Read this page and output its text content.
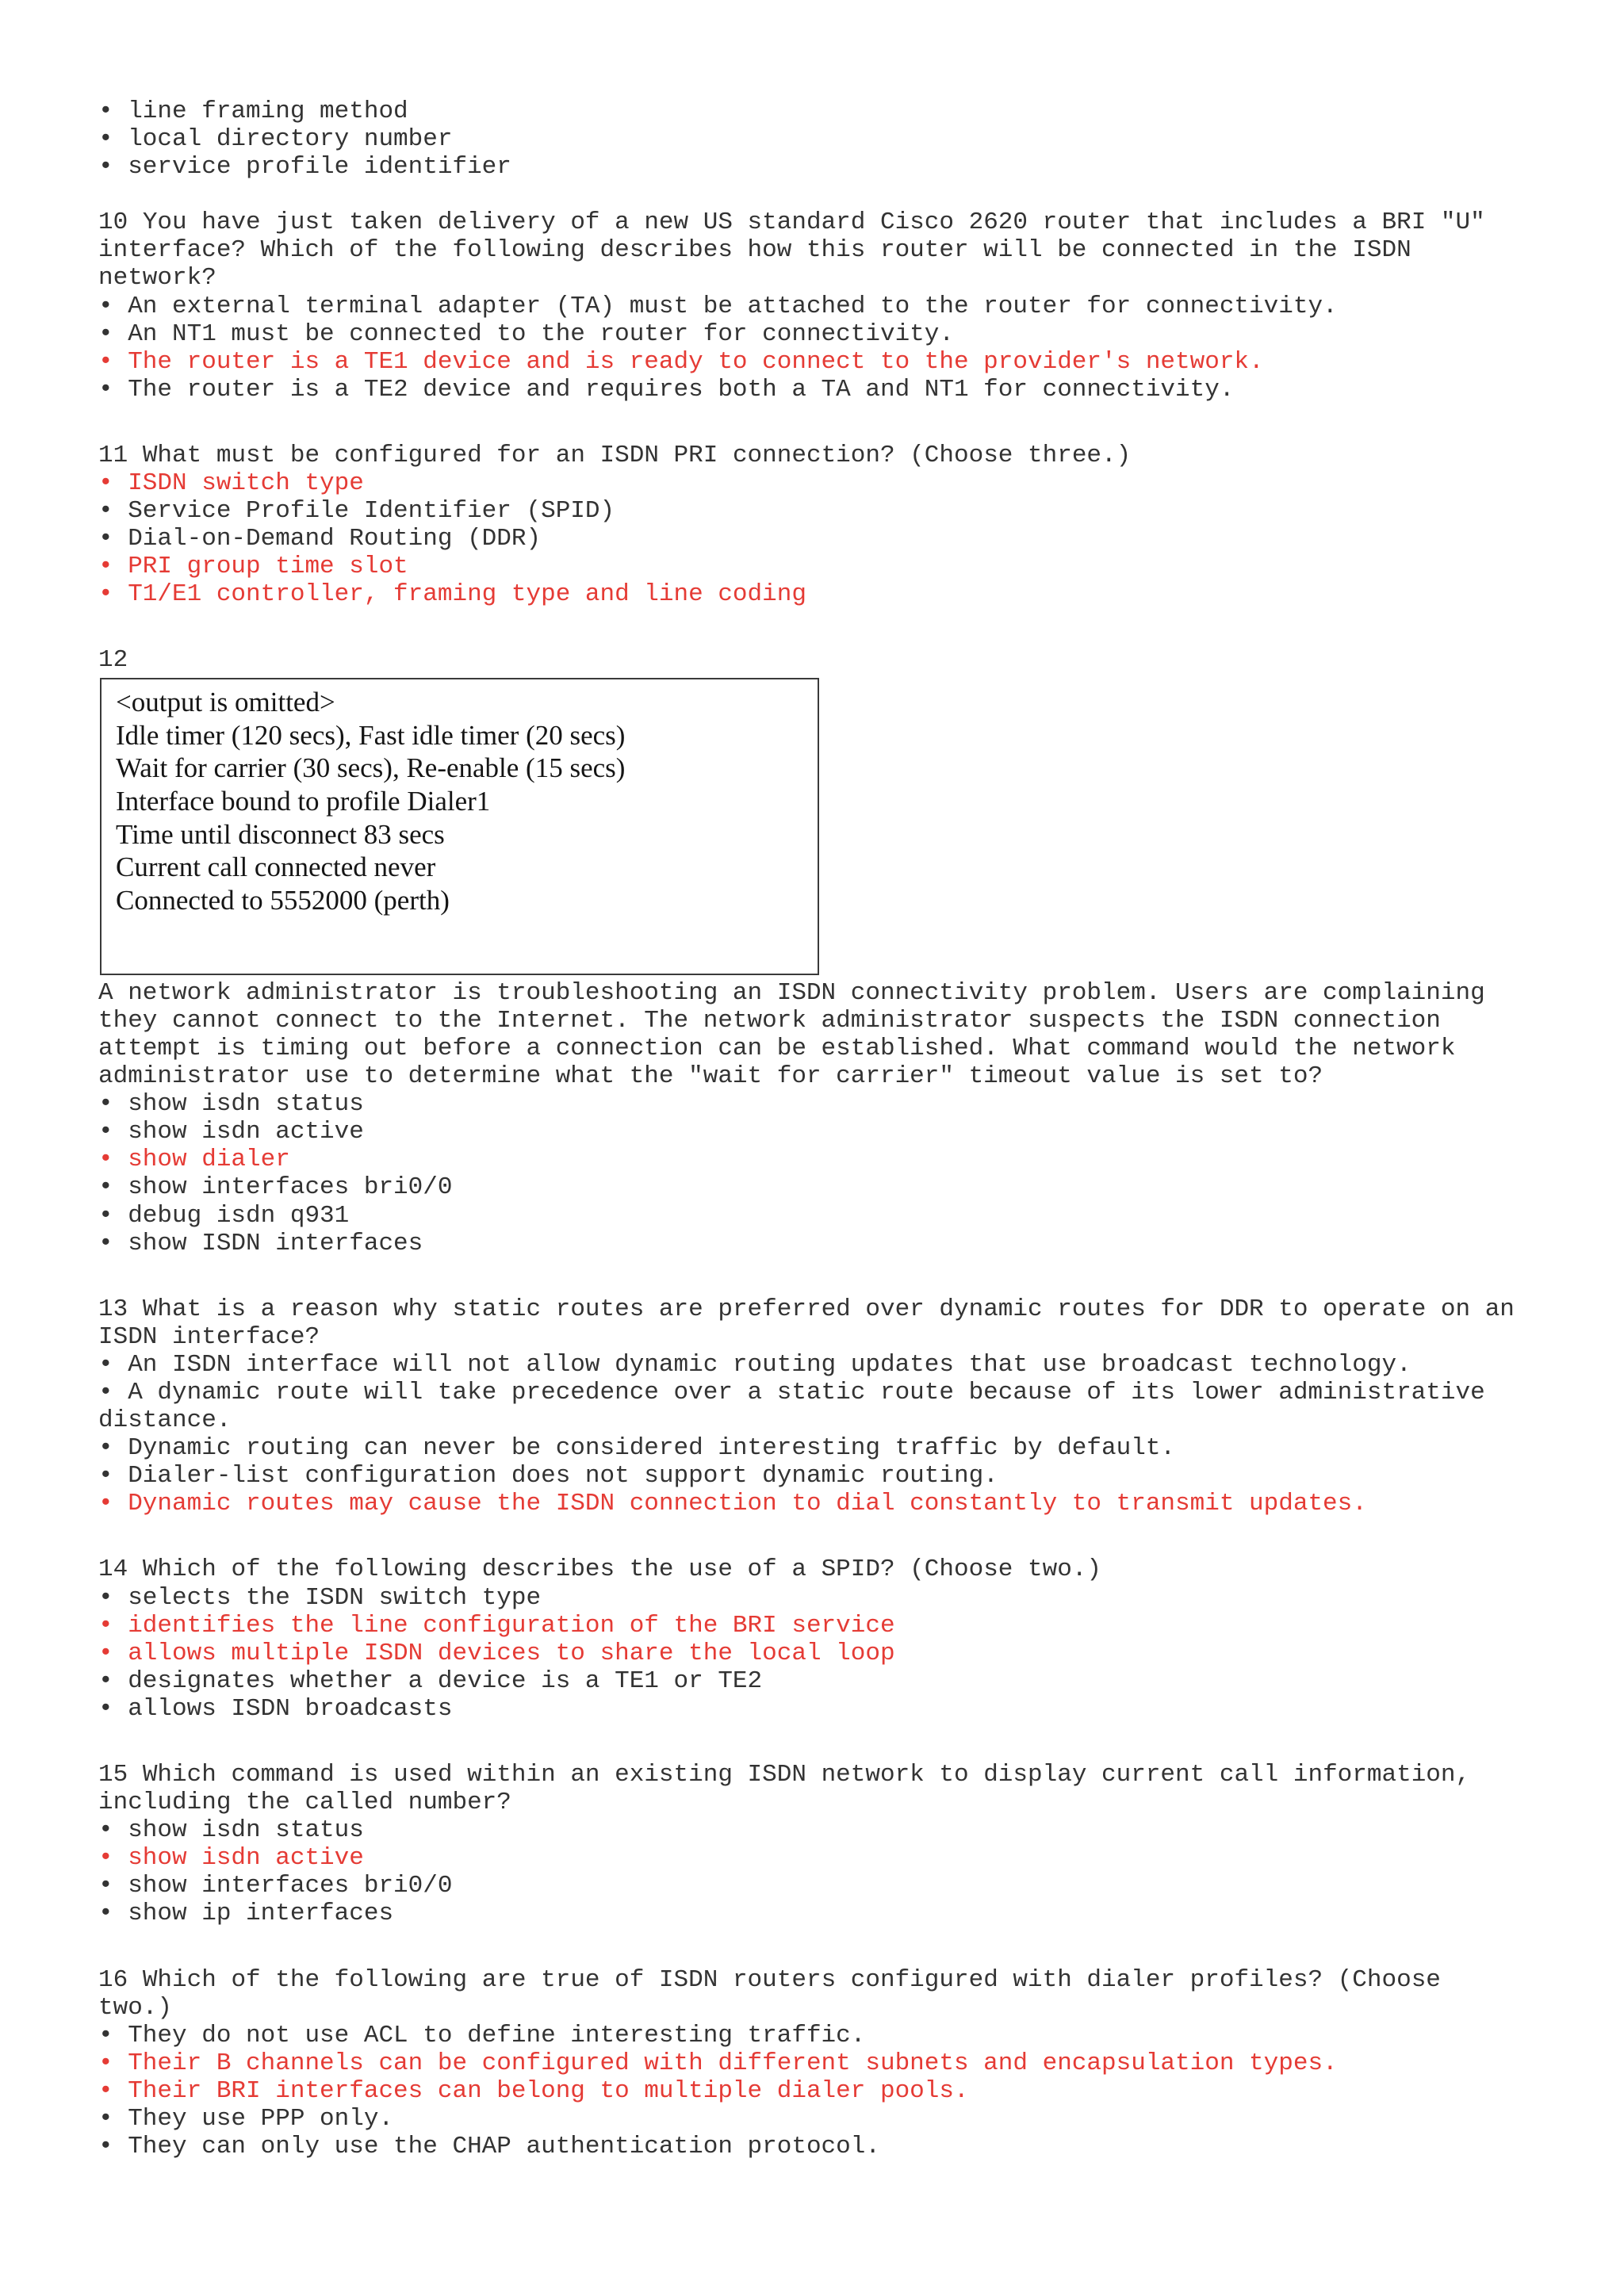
• line framing method
• local directory number
• service profile identifier
10 You have just taken delivery of a new US standard Cisco 2620 router that includes a BRI "U" interface? Which of the following describes how this router will be connected in the ISDN network?
• An external terminal adapter (TA) must be attached to the router for connectivity.
• An NT1 must be connected to the router for connectivity.
• The router is a TE1 device and is ready to connect to the provider's network.
• The router is a TE2 device and requires both a TA and NT1 for connectivity.
11 What must be configured for an ISDN PRI connection? (Choose three.)
• ISDN switch type
• Service Profile Identifier (SPID)
• Dial-on-Demand Routing (DDR)
• PRI group time slot
• T1/E1 controller, framing type and line coding
12
<output is omitted>
Idle timer (120 secs), Fast idle timer (20 secs)
Wait for carrier (30 secs), Re-enable (15 secs)
Interface bound to profile Dialer1
Time until disconnect 83 secs
Current call connected never
Connected to 5552000 (perth)
A network administrator is troubleshooting an ISDN connectivity problem. Users are complaining they cannot connect to the Internet. The network administrator suspects the ISDN connection attempt is timing out before a connection can be established. What command would the network administrator use to determine what the "wait for carrier" timeout value is set to?
• show isdn status
• show isdn active
• show dialer
• show interfaces bri0/0
• debug isdn q931
• show ISDN interfaces
13 What is a reason why static routes are preferred over dynamic routes for DDR to operate on an ISDN interface?
• An ISDN interface will not allow dynamic routing updates that use broadcast technology.
• A dynamic route will take precedence over a static route because of its lower administrative distance.
• Dynamic routing can never be considered interesting traffic by default.
• Dialer-list configuration does not support dynamic routing.
• Dynamic routes may cause the ISDN connection to dial constantly to transmit updates.
14 Which of the following describes the use of a SPID? (Choose two.)
• selects the ISDN switch type
• identifies the line configuration of the BRI service
• allows multiple ISDN devices to share the local loop
• designates whether a device is a TE1 or TE2
• allows ISDN broadcasts
15 Which command is used within an existing ISDN network to display current call information, including the called number?
• show isdn status
• show isdn active
• show interfaces bri0/0
• show ip interfaces
16 Which of the following are true of ISDN routers configured with dialer profiles? (Choose two.)
• They do not use ACL to define interesting traffic.
• Their B channels can be configured with different subnets and encapsulation types.
• Their BRI interfaces can belong to multiple dialer pools.
• They use PPP only.
• They can only use the CHAP authentication protocol.
